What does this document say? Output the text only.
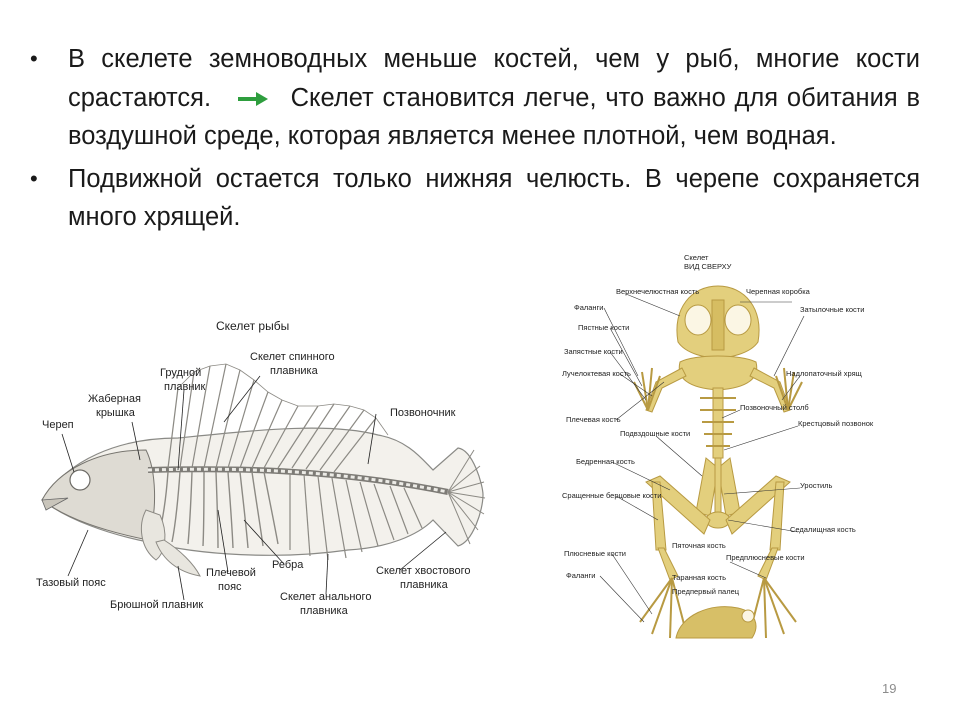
• В скелете земноводных меньше костей, чем у рыб, многие кости срастаются.	Скелет становится легче, что важно для обитания в воздушной среде, которая является менее плотной, чем водная.
• Подвижной остается только нижняя челюсть. В черепе сохраняется много хрящей.
Скелет рыбы
Череп
Жаберная
крышка
Грудной
плавник
Скелет спинного
плавника
Позвоночник
Тазовый пояс
Плечевой
пояс
Ребра	Скелет хвостового
плавника
Скелет анального
плавника
Брюшной плавник
Скелет
ВИД СВЕРХУ
Верхнечелюстная кость
Фаланги
Пястные кости
Запястные кости
Лучелоктевая кость
Плечевая кость
Подвздошные кости
Бедренная кость
Сращенные берцовые кости
Плюсневые кости
Фаланги
Черепная коробка
Затылочные кости
Надлопаточный хрящ
Позвоночный столб
Крестцовый позвонок
Уростиль
Седалищная кость
Предплюсневые кости
Пяточная кость
Таранная кость
Предпервый палец
19
